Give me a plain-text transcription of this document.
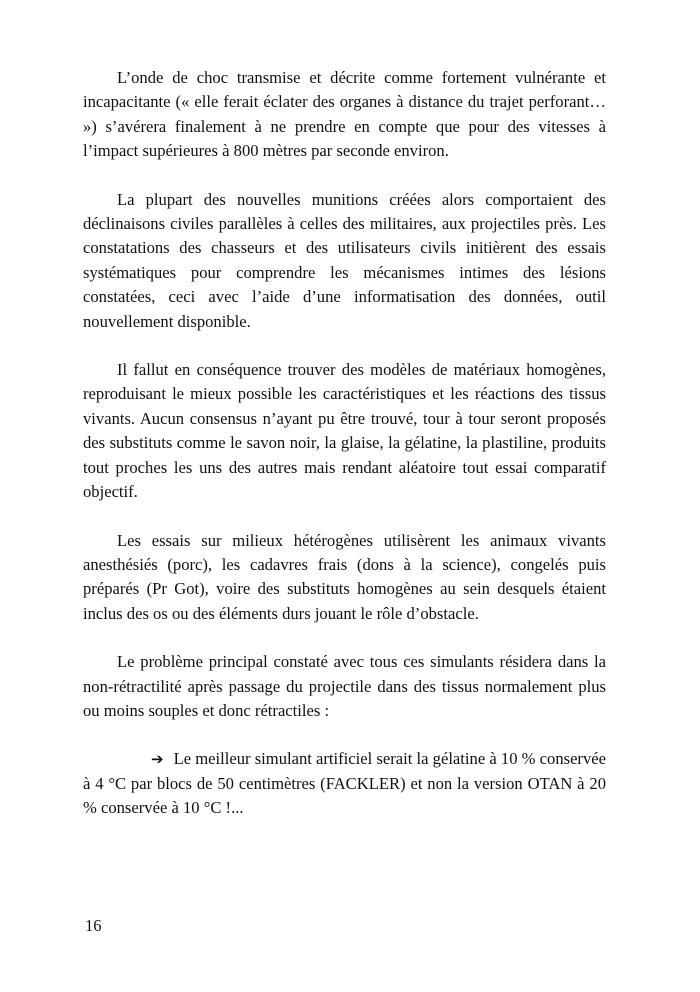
L’onde de choc transmise et décrite comme fortement vulnérante et incapacitante (« elle ferait éclater des organes à distance du trajet perforant… ») s’avérera finalement à ne prendre en compte que pour des vitesses à l’impact supérieures à 800 mètres par seconde environ.

La plupart des nouvelles munitions créées alors comportaient des déclinaisons civiles parallèles à celles des militaires, aux projectiles près. Les constatations des chasseurs et des utilisateurs civils initièrent des essais systématiques pour comprendre les mécanismes intimes des lésions constatées, ceci avec l’aide d’une informatisation des données, outil nouvellement disponible.

Il fallut en conséquence trouver des modèles de matériaux homogènes, reproduisant le mieux possible les caractéristiques et les réactions des tissus vivants. Aucun consensus n’ayant pu être trouvé, tour à tour seront proposés des substituts comme le savon noir, la glaise, la gélatine, la plastiline, produits tout proches les uns des autres mais rendant aléatoire tout essai comparatif objectif.

Les essais sur milieux hétérogènes utilisèrent les animaux vivants anesthésiés (porc), les cadavres frais (dons à la science), congelés puis préparés (Pr Got), voire des substituts homogènes au sein desquels étaient inclus des os ou des éléments durs jouant le rôle d’obstacle.

Le problème principal constaté avec tous ces simulants résidera dans la non-rétractilité après passage du projectile dans des tissus normalement plus ou moins souples et donc rétractiles :

➔ Le meilleur simulant artificiel serait la gélatine à 10 % conservée à 4 °C par blocs de 50 centimètres (FACKLER) et non la version OTAN à 20 % conservée à 10 °C !...

16
